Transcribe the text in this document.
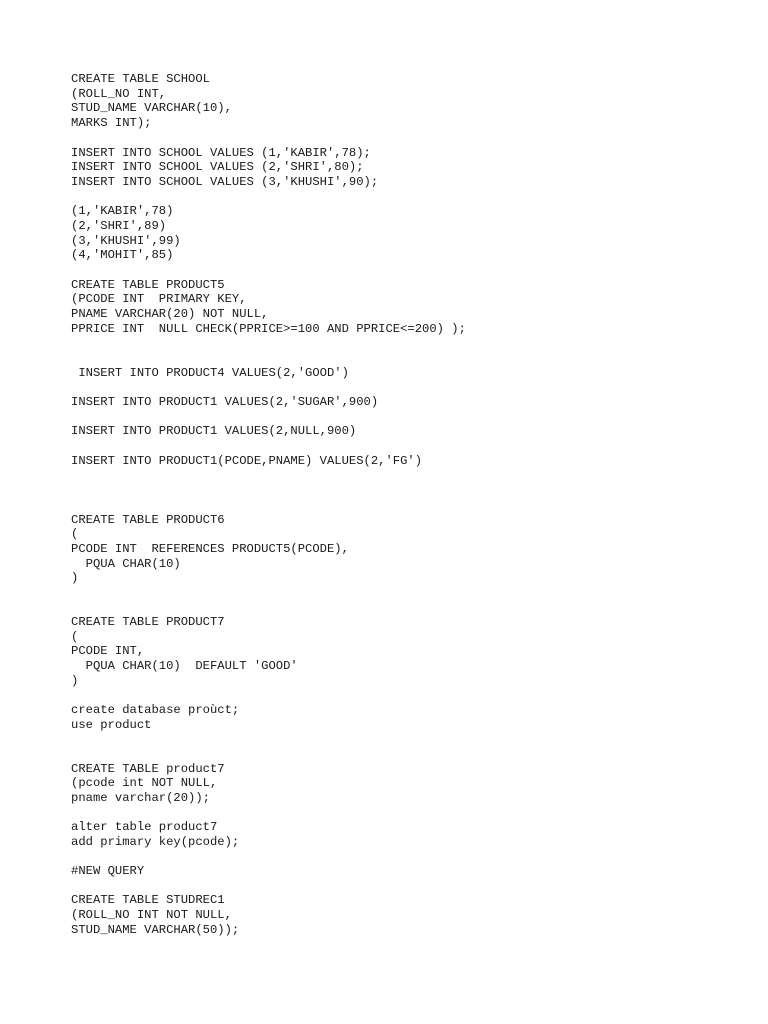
CREATE TABLE SCHOOL
(ROLL_NO INT,
STUD_NAME VARCHAR(10),
MARKS INT);
INSERT INTO SCHOOL VALUES (1,'KABIR',78);
INSERT INTO SCHOOL VALUES (2,'SHRI',80);
INSERT INTO SCHOOL VALUES (3,'KHUSHI',90);
(1,'KABIR',78)
(2,'SHRI',89)
(3,'KHUSHI',99)
(4,'MOHIT',85)
CREATE TABLE PRODUCT5
(PCODE INT  PRIMARY KEY,
PNAME VARCHAR(20) NOT NULL,
PPRICE INT  NULL CHECK(PPRICE>=100 AND PPRICE<=200) );
INSERT INTO PRODUCT4 VALUES(2,'GOOD')
INSERT INTO PRODUCT1 VALUES(2,'SUGAR',900)
INSERT INTO PRODUCT1 VALUES(2,NULL,900)
INSERT INTO PRODUCT1(PCODE,PNAME) VALUES(2,'FG')
CREATE TABLE PRODUCT6
(
PCODE INT  REFERENCES PRODUCT5(PCODE),
PQUA CHAR(10)
)
CREATE TABLE PRODUCT7
(
PCODE INT,
PQUA CHAR(10)  DEFAULT 'GOOD'
)
create database proùct;
use product
CREATE TABLE product7
(pcode int NOT NULL,
pname varchar(20));
alter table product7
add primary key(pcode);
#NEW QUERY
CREATE TABLE STUDREC1
(ROLL_NO INT NOT NULL,
STUD_NAME VARCHAR(50));
